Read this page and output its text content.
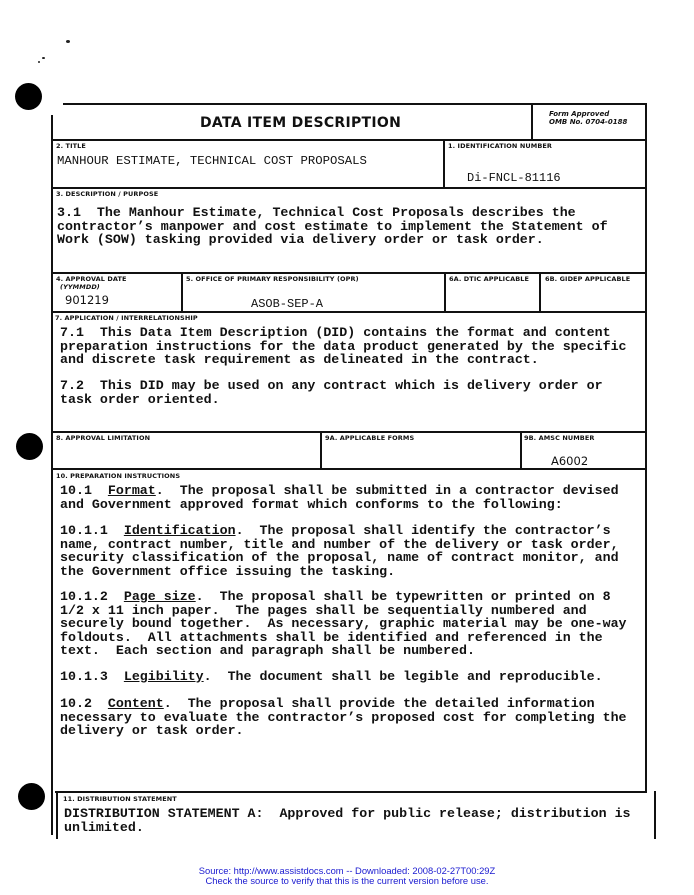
DATA ITEM DESCRIPTION
Form Approved
OMB No. 0704-0188
2. TITLE
MANHOUR ESTIMATE, TECHNICAL COST PROPOSALS
1. IDENTIFICATION NUMBER
Di-FNCL-81116
3. DESCRIPTION / PURPOSE
3.1  The Manhour Estimate, Technical Cost Proposals describes the
contractor’s manpower and cost estimate to implement the Statement of
Work (SOW) tasking provided via delivery order or task order.
4. APPROVAL DATE
(YYMMDD)
901219
5. OFFICE OF PRIMARY RESPONSIBILITY (OPR)
ASOB-SEP-A
6A. DTIC APPLICABLE 6B. GIDEP APPLICABLE
7. APPLICATION / INTERRELATIONSHIP
7.1  This Data Item Description (DID) contains the format and content
preparation instructions for the data product generated by the specific
and discrete task requirement as delineated in the contract.
7.2  This DID may be used on any contract which is delivery order or
task order oriented.
8. APPROVAL LIMITATION	9A. APPLICABLE FORMS	9B. AMSC NUMBER
A6002
10. PREPARATION INSTRUCTIONS
10.1  Format.  The proposal shall be submitted in a contractor devised
and Government approved format which conforms to the following:
10.1.1  Identification.  The proposal shall identify the contractor’s
name, contract number, title and number of the delivery or task order,
security classification of the proposal, name of contract monitor, and
the Government office issuing the tasking.
10.1.2  Page size.  The proposal shall be typewritten or printed on 8
1/2 x 11 inch paper.  The pages shall be sequentially numbered and
securely bound together.  As necessary, graphic material may be one-way
foldouts.  All attachments shall be identified and referenced in the
text.  Each section and paragraph shall be numbered.
10.1.3  Legibility.  The document shall be legible and reproducible.
10.2  Content.  The proposal shall provide the detailed information
necessary to evaluate the contractor’s proposed cost for completing the
delivery or task order.
11. DISTRIBUTION STATEMENT
DISTRIBUTION STATEMENT A:  Approved for public release; distribution is
unlimited.
Source: http://www.assistdocs.com -- Downloaded: 2008-02-27T00:29Z
Check the source to verify that this is the current version before use.
